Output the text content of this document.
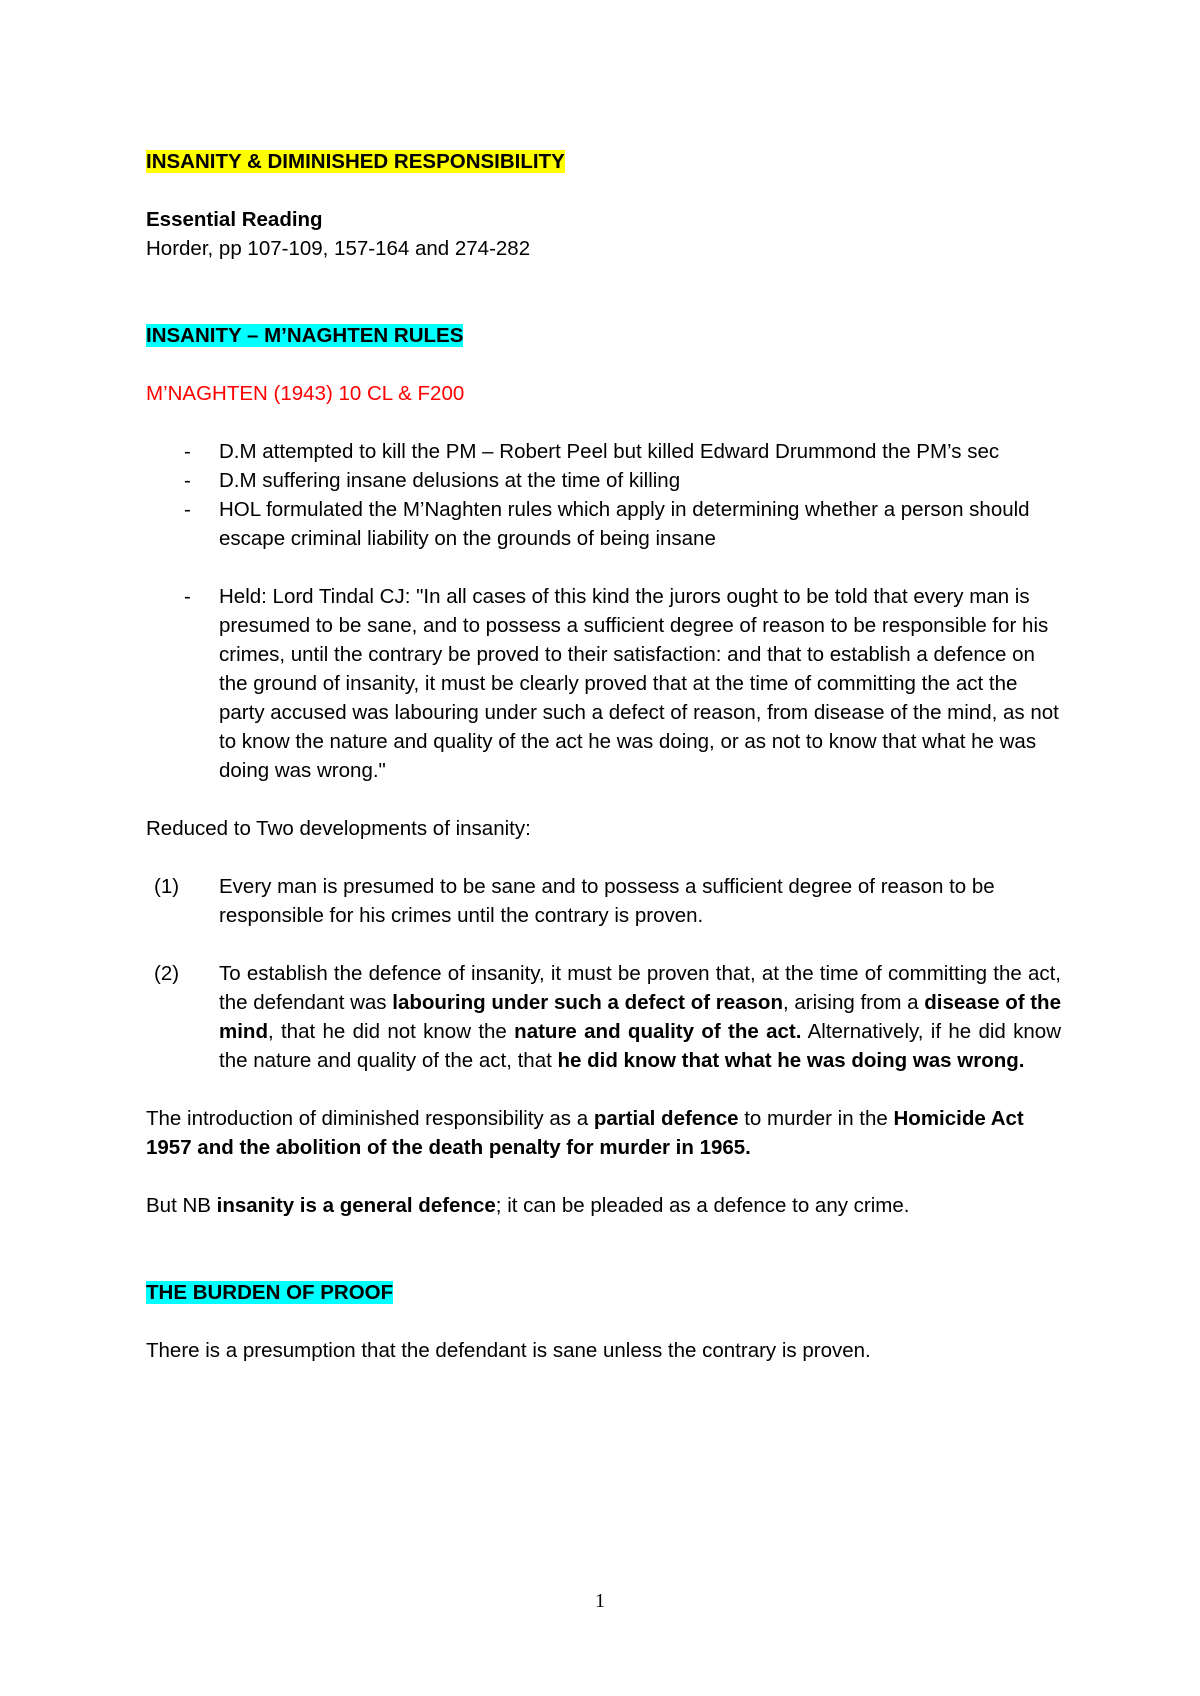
INSANITY & DIMINISHED RESPONSIBILITY

Essential Reading

Horder, pp 107-109, 157-164 and 274-282

INSANITY – M’NAGHTEN RULES

M’NAGHTEN (1943) 10 CL & F200

- D.M attempted to kill the PM – Robert Peel but killed Edward Drummond the PM’s sec
- D.M suffering insane delusions at the time of killing
- HOL formulated the M’Naghten rules which apply in determining whether a person should escape criminal liability on the grounds of being insane
- Held: Lord Tindal CJ: "In all cases of this kind the jurors ought to be told that every man is presumed to be sane, and to possess a sufficient degree of reason to be responsible for his crimes, until the contrary be proved to their satisfaction: and that to establish a defence on the ground of insanity, it must be clearly proved that at the time of committing the act the party accused was labouring under such a defect of reason, from disease of the mind, as not to know the nature and quality of the act he was doing, or as not to know that what he was doing was wrong."

Reduced to Two developments of insanity:

(1) Every man is presumed to be sane and to possess a sufficient degree of reason to be responsible for his crimes until the contrary is proven.
(2) To establish the defence of insanity, it must be proven that, at the time of committing the act, the defendant was labouring under such a defect of reason, arising from a disease of the mind, that he did not know the nature and quality of the act. Alternatively, if he did know the nature and quality of the act, that he did know that what he was doing was wrong.

The introduction of diminished responsibility as a partial defence to murder in the Homicide Act 1957 and the abolition of the death penalty for murder in 1965.

But NB insanity is a general defence; it can be pleaded as a defence to any crime.

THE BURDEN OF PROOF

There is a presumption that the defendant is sane unless the contrary is proven.

1
